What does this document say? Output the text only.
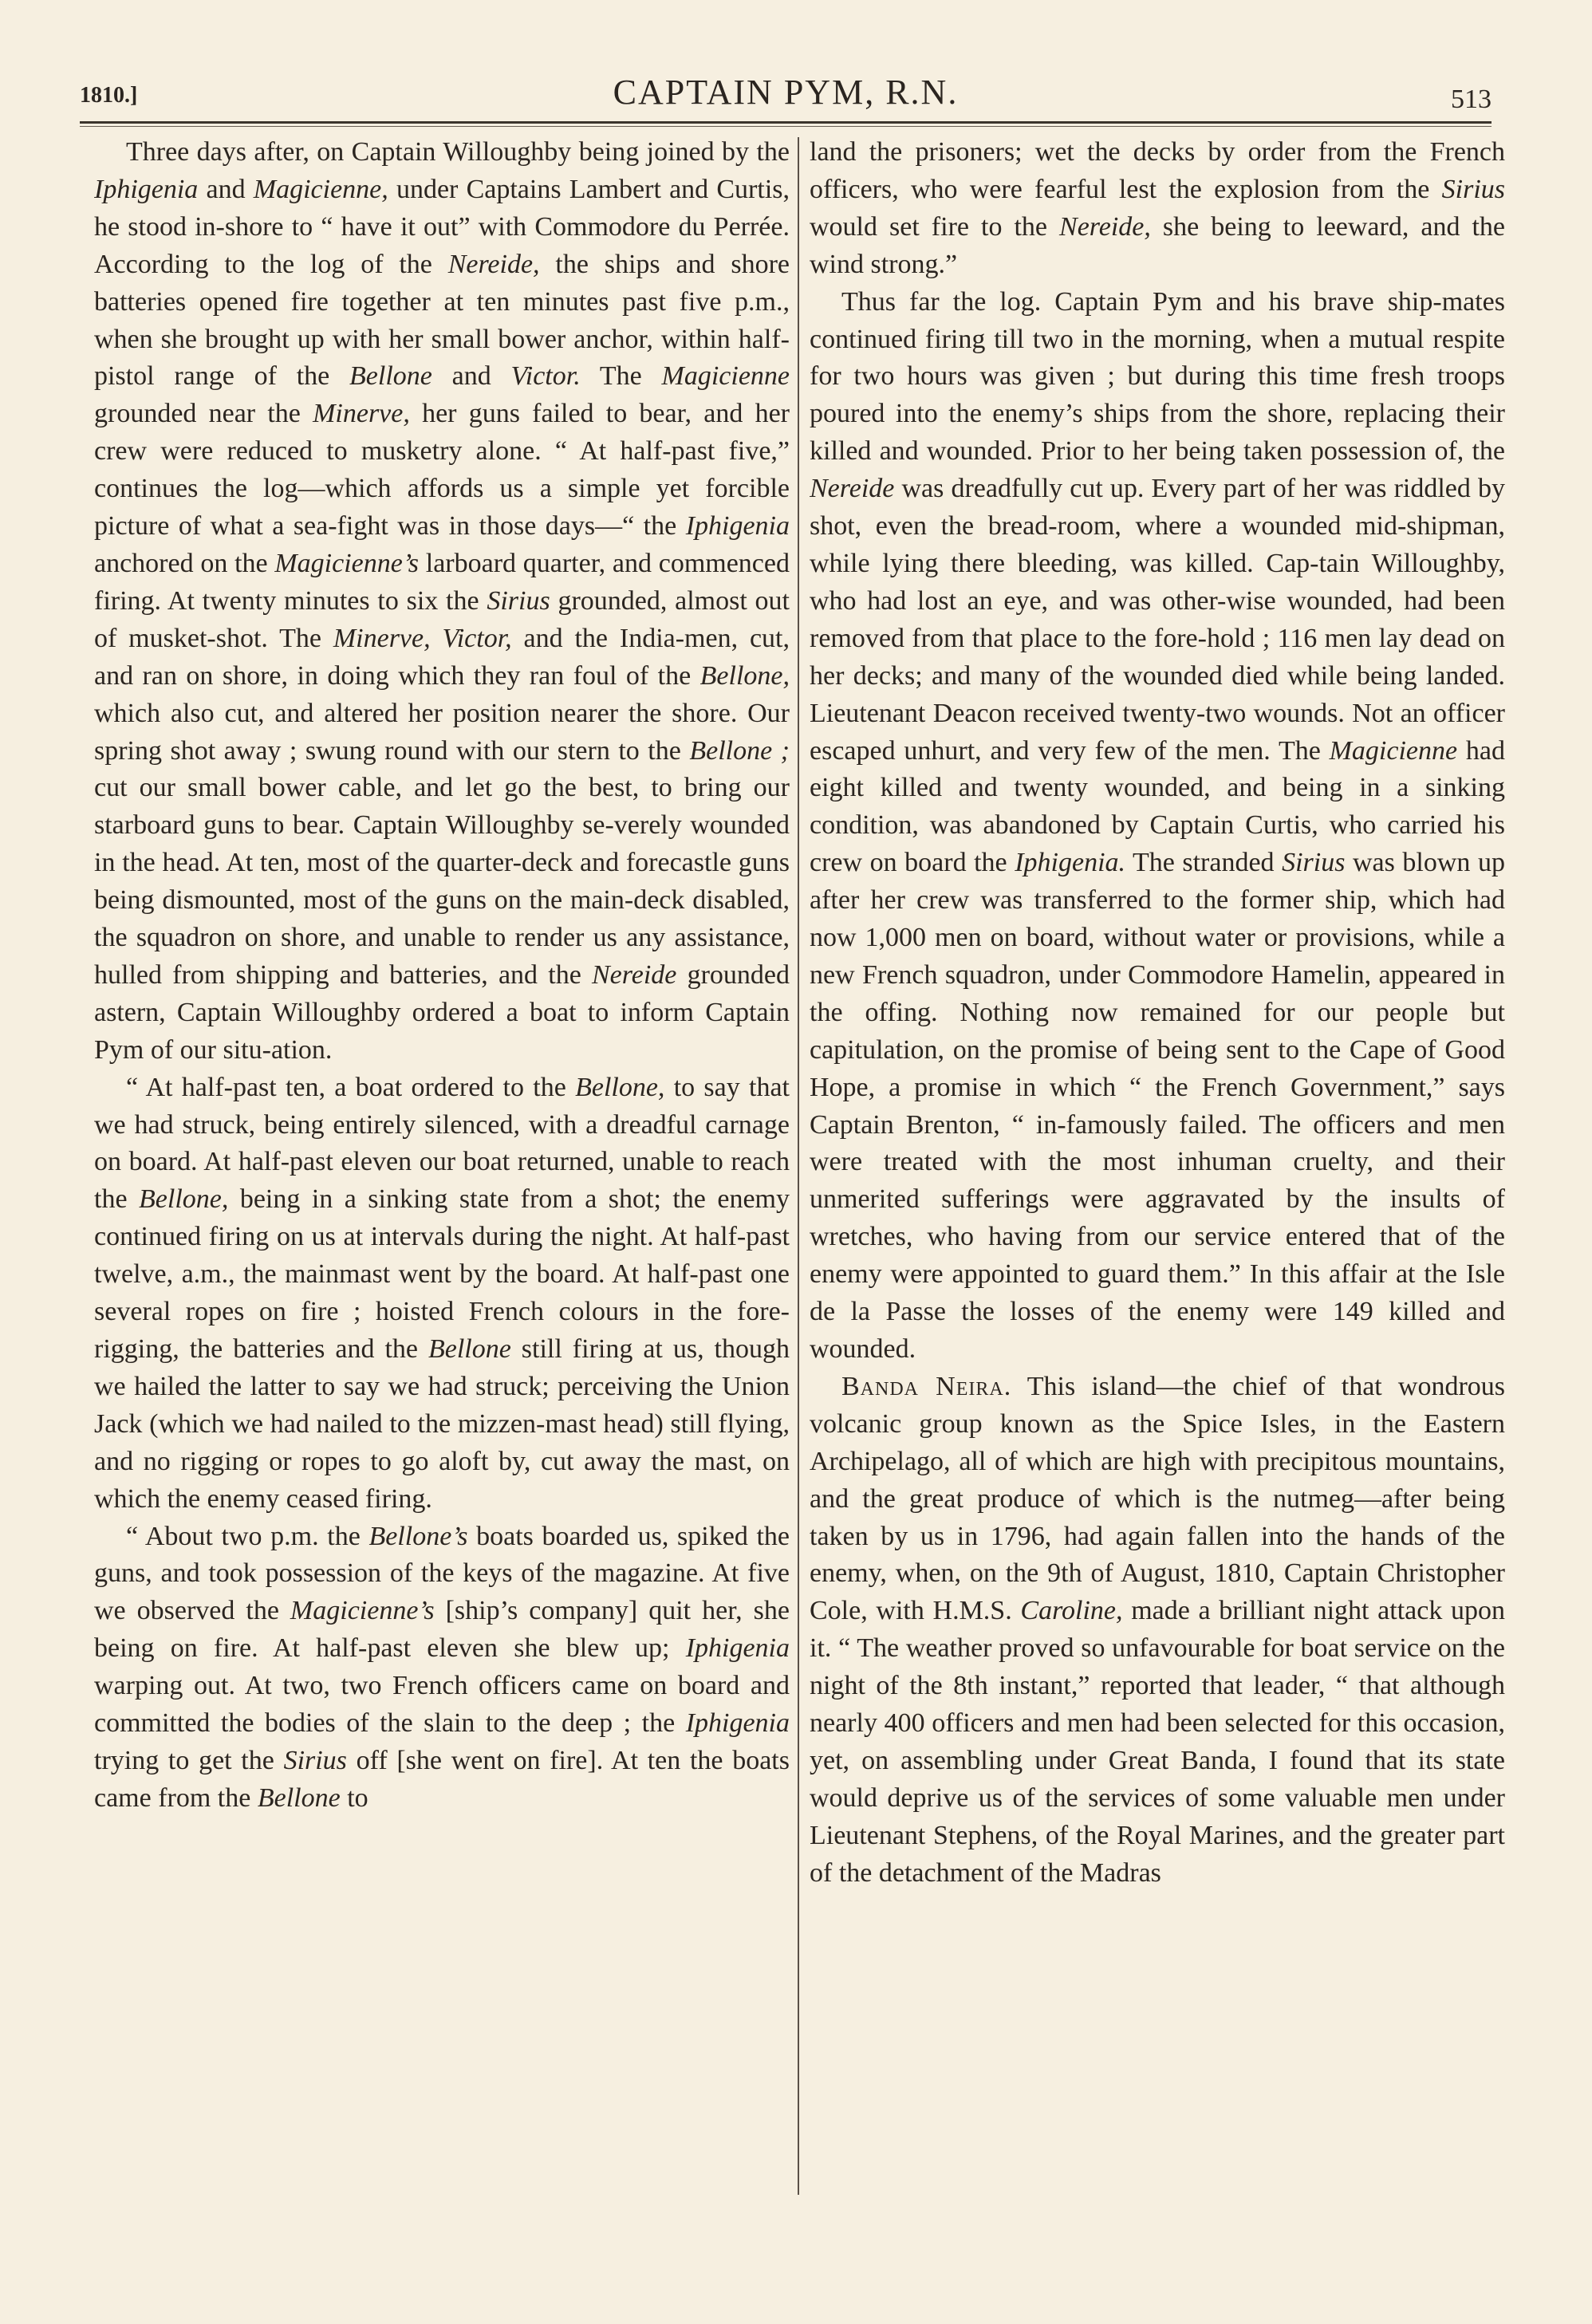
1810.]	CAPTAIN PYM, R.N.	513

Three days after, on Captain Willoughby being joined by the Iphigenia and Magicienne, under Captains Lambert and Curtis, he stood in-shore to “ have it out” with Commodore du Perrée. According to the log of the Nereide, the ships and shore batteries opened fire together at ten minutes past five p.m., when she brought up with her small bower anchor, within half-pistol range of the Bellone and Victor. The Magicienne grounded near the Minerve, her guns failed to bear, and her crew were reduced to musketry alone. “ At half-past five,” continues the log—which affords us a simple yet forcible picture of what a sea-fight was in those days—“ the Iphigenia anchored on the Magicienne’s larboard quarter, and commenced firing. At twenty minutes to six the Sirius grounded, almost out of musket-shot. The Minerve, Victor, and the India-men, cut, and ran on shore, in doing which they ran foul of the Bellone, which also cut, and altered her position nearer the shore. Our spring shot away ; swung round with our stern to the Bellone ; cut our small bower cable, and let go the best, to bring our starboard guns to bear. Captain Willoughby se-verely wounded in the head. At ten, most of the quarter-deck and forecastle guns being dismounted, most of the guns on the main-deck disabled, the squadron on shore, and unable to render us any assistance, hulled from shipping and batteries, and the Nereide grounded astern, Captain Willoughby ordered a boat to inform Captain Pym of our situ-ation.

“ At half-past ten, a boat ordered to the Bellone, to say that we had struck, being entirely silenced, with a dreadful carnage on board. At half-past eleven our boat returned, unable to reach the Bellone, being in a sinking state from a shot; the enemy continued firing on us at intervals during the night. At half-past twelve, a.m., the mainmast went by the board. At half-past one several ropes on fire ; hoisted French colours in the fore-rigging, the batteries and the Bellone still firing at us, though we hailed the latter to say we had struck; perceiving the Union Jack (which we had nailed to the mizzen-mast head) still flying, and no rigging or ropes to go aloft by, cut away the mast, on which the enemy ceased firing.

“ About two p.m. the Bellone’s boats boarded us, spiked the guns, and took possession of the keys of the magazine. At five we observed the Magicienne’s [ship’s company] quit her, she being on fire. At half-past eleven she blew up; Iphigenia warping out. At two, two French officers came on board and committed the bodies of the slain to the deep ; the Iphigenia trying to get the Sirius off [she went on fire]. At ten the boats came from the Bellone to

land the prisoners; wet the decks by order from the French officers, who were fearful lest the explosion from the Sirius would set fire to the Nereide, she being to leeward, and the wind strong.”

Thus far the log. Captain Pym and his brave ship-mates continued firing till two in the morning, when a mutual respite for two hours was given ; but during this time fresh troops poured into the enemy’s ships from the shore, replacing their killed and wounded. Prior to her being taken possession of, the Nereide was dreadfully cut up. Every part of her was riddled by shot, even the bread-room, where a wounded mid-shipman, while lying there bleeding, was killed. Cap-tain Willoughby, who had lost an eye, and was other-wise wounded, had been removed from that place to the fore-hold ; 116 men lay dead on her decks; and many of the wounded died while being landed. Lieutenant Deacon received twenty-two wounds. Not an officer escaped unhurt, and very few of the men. The Magicienne had eight killed and twenty wounded, and being in a sinking condition, was abandoned by Captain Curtis, who carried his crew on board the Iphigenia. The stranded Sirius was blown up after her crew was transferred to the former ship, which had now 1,000 men on board, without water or provisions, while a new French squadron, under Commodore Hamelin, appeared in the offing. Nothing now remained for our people but capitulation, on the promise of being sent to the Cape of Good Hope, a promise in which “ the French Government,” says Captain Brenton, “ in-famously failed. The officers and men were treated with the most inhuman cruelty, and their unmerited sufferings were aggravated by the insults of wretches, who having from our service entered that of the enemy were appointed to guard them.” In this affair at the Isle de la Passe the losses of the enemy were 149 killed and wounded.

Banda Neira. This island—the chief of that wondrous volcanic group known as the Spice Isles, in the Eastern Archipelago, all of which are high with precipitous mountains, and the great produce of which is the nutmeg—after being taken by us in 1796, had again fallen into the hands of the enemy, when, on the 9th of August, 1810, Captain Christopher Cole, with H.M.S. Caroline, made a brilliant night attack upon it. “ The weather proved so unfavourable for boat service on the night of the 8th instant,” reported that leader, “ that although nearly 400 officers and men had been selected for this occasion, yet, on assembling under Great Banda, I found that its state would deprive us of the services of some valuable men under Lieutenant Stephens, of the Royal Marines, and the greater part of the detachment of the Madras
